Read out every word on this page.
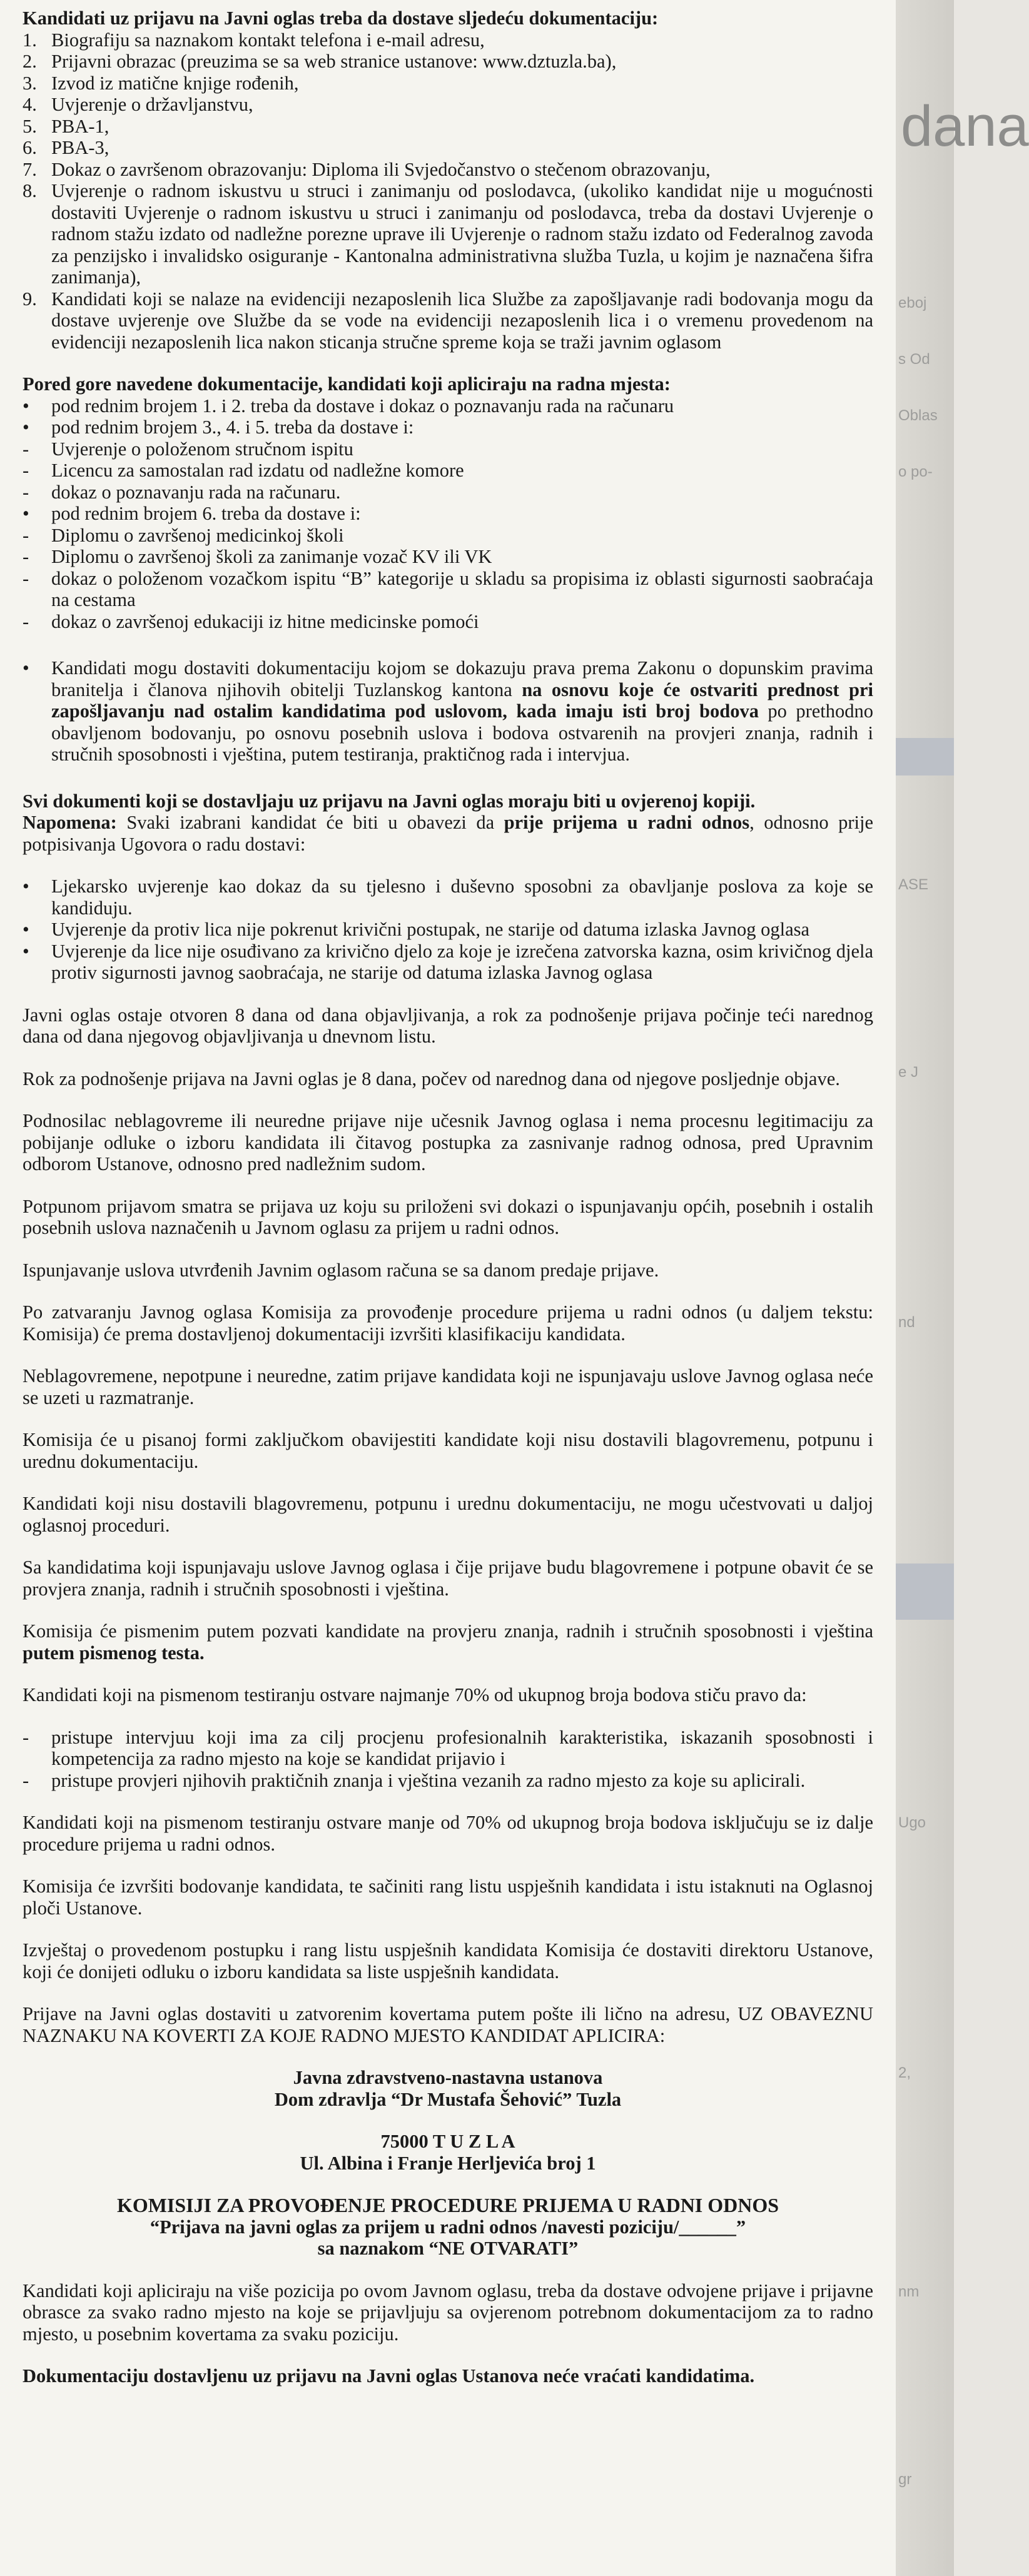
dana
eboj
s Od
Oblas
o po-
ASE
e J
nd
Ugo
2,
nm
gr

Kandidati uz prijavu na Javni oglas treba da dostave sljedeću dokumentaciju:

1. Biografiju sa naznakom kontakt telefona i e-mail adresu,
2. Prijavni obrazac (preuzima se sa web stranice ustanove: www.dztuzla.ba),
3. Izvod iz matične knjige rođenih,
4. Uvjerenje o državljanstvu,
5. PBA-1,
6. PBA-3,
7. Dokaz o završenom obrazovanju: Diploma ili Svjedočanstvo o stečenom obrazovanju,
8. Uvjerenje o radnom iskustvu u struci i zanimanju od poslodavca, (ukoliko kandidat nije u mogućnosti dostaviti Uvjerenje o radnom iskustvu u struci i zanimanju od poslodavca, treba da dostavi Uvjerenje o radnom stažu izdato od nadležne porezne uprave ili Uvjerenje o radnom stažu izdato od Federalnog zavoda za penzijsko i invalidsko osiguranje - Kantonalna administrativna služba Tuzla, u kojim je naznačena šifra zanimanja),
9. Kandidati koji se nalaze na evidenciji nezaposlenih lica Službe za zapošljavanje radi bodovanja mogu da dostave uvjerenje ove Službe da se vode na evidenciji nezaposlenih lica i o vremenu provedenom na evidenciji nezaposlenih lica nakon sticanja stručne spreme koja se traži javnim oglasom

Pored gore navedene dokumentacije, kandidati koji apliciraju na radna mjesta:

•	pod rednim brojem 1. i 2. treba da dostave i dokaz o poznavanju rada na računaru
•	pod rednim brojem 3., 4. i 5. treba da dostave i:
-	Uvjerenje o položenom stručnom ispitu
-	Licencu za samostalan rad izdatu od nadležne komore
-	dokaz o poznavanju rada na računaru.
•	pod rednim brojem 6. treba da dostave i:
-	Diplomu o završenoj medicinkoj školi
-	Diplomu o završenoj školi za zanimanje vozač KV ili VK
-	dokaz o položenom vozačkom ispitu “B” kategorije u skladu sa propisima iz oblasti sigurnosti saobraćaja na cestama
-	dokaz o završenoj edukaciji iz hitne medicinske pomoći
•	Kandidati mogu dostaviti dokumentaciju kojom se dokazuju prava prema Zakonu o dopunskim pravima branitelja i članova njihovih obitelji Tuzlanskog kantona na osnovu koje će ostvariti prednost pri zapošljavanju nad ostalim kandidatima pod uslovom, kada imaju isti broj bodova po prethodno obavljenom bodovanju, po osnovu posebnih uslova i bodova ostvarenih na provjeri znanja, radnih i stručnih sposobnosti i vještina, putem testiranja, praktičnog rada i intervjua.

Svi dokumenti koji se dostavljaju uz prijavu na Javni oglas moraju biti u ovjerenoj kopiji.

Napomena: Svaki izabrani kandidat će biti u obavezi da prije prijema u radni odnos, odnosno prije potpisivanja Ugovora o radu dostavi:

•	Ljekarsko uvjerenje kao dokaz da su tjelesno i duševno sposobni za obavljanje poslova za koje se kandiduju.
•	Uvjerenje da protiv lica nije pokrenut krivični postupak, ne starije od datuma izlaska Javnog oglasa
•	Uvjerenje da lice nije osuđivano za krivično djelo za koje je izrečena zatvorska kazna, osim krivičnog djela protiv sigurnosti javnog saobraćaja, ne starije od datuma izlaska Javnog oglasa

Javni oglas ostaje otvoren 8 dana od dana objavljivanja, a rok za podnošenje prijava počinje teći narednog dana od dana njegovog objavljivanja u dnevnom listu.

Rok za podnošenje prijava na Javni oglas je 8 dana, počev od narednog dana od njegove posljednje objave.

Podnosilac neblagovreme ili neuredne prijave nije učesnik Javnog oglasa i nema procesnu legitimaciju za pobijanje odluke o izboru kandidata ili čitavog postupka za zasnivanje radnog odnosa, pred Upravnim odborom Ustanove, odnosno pred nadležnim sudom.

Potpunom prijavom smatra se prijava uz koju su priloženi svi dokazi o ispunjavanju općih, posebnih i ostalih posebnih uslova naznačenih u Javnom oglasu za prijem u radni odnos.

Ispunjavanje uslova utvrđenih Javnim oglasom računa se sa danom predaje prijave.

Po zatvaranju Javnog oglasa Komisija za provođenje procedure prijema u radni odnos (u daljem tekstu: Komisija) će prema dostavljenoj dokumentaciji izvršiti klasifikaciju kandidata.

Neblagovremene, nepotpune i neuredne, zatim prijave kandidata koji ne ispunjavaju uslove Javnog oglasa neće se uzeti u razmatranje.

Komisija će u pisanoj formi zaključkom obavijestiti kandidate koji nisu dostavili blagovremenu, potpunu i urednu dokumentaciju.

Kandidati koji nisu dostavili blagovremenu, potpunu i urednu dokumentaciju, ne mogu učestvovati u daljoj oglasnoj proceduri.

Sa kandidatima koji ispunjavaju uslove Javnog oglasa i čije prijave budu blagovremene i potpune obavit će se provjera znanja, radnih i stručnih sposobnosti i vještina.

Komisija će pismenim putem pozvati kandidate na provjeru znanja, radnih i stručnih sposobnosti i vještina putem pismenog testa.

Kandidati koji na pismenom testiranju ostvare najmanje 70% od ukupnog broja bodova stiču pravo da:

-	pristupe intervjuu koji ima za cilj procjenu profesionalnih karakteristika, iskazanih sposobnosti i kompetencija za radno mjesto na koje se kandidat prijavio i
-	pristupe provjeri njihovih praktičnih znanja i vještina vezanih za radno mjesto za koje su aplicirali.

Kandidati koji na pismenom testiranju ostvare manje od 70% od ukupnog broja bodova isključuju se iz dalje procedure prijema u radni odnos.

Komisija će izvršiti bodovanje kandidata, te sačiniti rang listu uspješnih kandidata i istu istaknuti na Oglasnoj ploči Ustanove.

Izvještaj o provedenom postupku i rang listu uspješnih kandidata Komisija će dostaviti direktoru Ustanove, koji će donijeti odluku o izboru kandidata sa liste uspješnih kandidata.

Prijave na Javni oglas dostaviti u zatvorenim kovertama putem pošte ili lično na adresu, UZ OBAVEZNU NAZNAKU NA KOVERTI ZA KOJE RADNO MJESTO KANDIDAT APLICIRA:

Javna zdravstveno-nastavna ustanova

Dom zdravlja “Dr Mustafa Šehović” Tuzla

75000 T U Z L A

Ul. Albina i Franje Herljevića broj 1

KOMISIJI ZA PROVOĐENJE PROCEDURE PRIJEMA U RADNI ODNOS

“Prijava na javni oglas za prijem u radni odnos /navesti poziciju/______”

sa naznakom “NE OTVARATI”

Kandidati koji apliciraju na više pozicija po ovom Javnom oglasu, treba da dostave odvojene prijave i prijavne obrasce za svako radno mjesto na koje se prijavljuju sa ovjerenom potrebnom dokumentacijom za to radno mjesto, u posebnim kovertama za svaku poziciju.

Dokumentaciju dostavljenu uz prijavu na Javni oglas Ustanova neće vraćati kandidatima.
